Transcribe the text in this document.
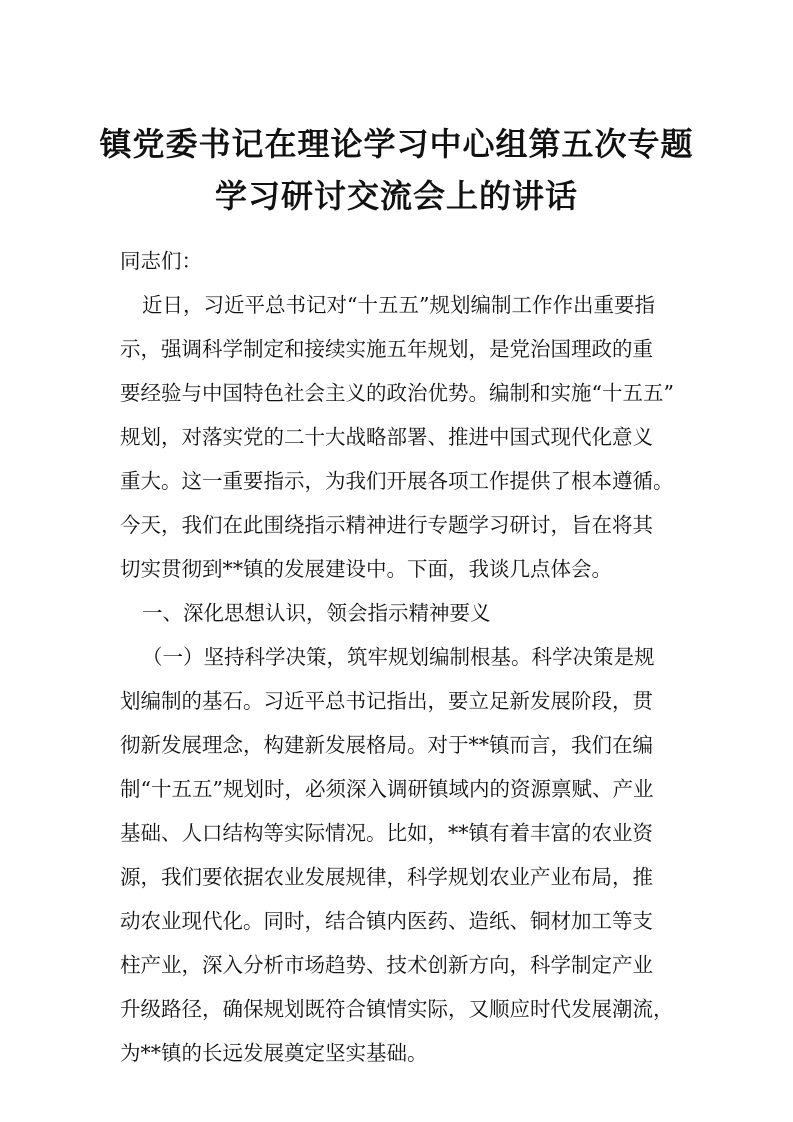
镇党委书记在理论学习中心组第五次专题
学习研讨交流会上的讲话

同志们：

近日，习近平总书记对“十五五”规划编制工作作出重要指

示，强调科学制定和接续实施五年规划，是党治国理政的重

要经验与中国特色社会主义的政治优势。编制和实施“十五五”

规划，对落实党的二十大战略部署、推进中国式现代化意义

重大。这一重要指示，为我们开展各项工作提供了根本遵循。

今天，我们在此围绕指示精神进行专题学习研讨，旨在将其

切实贯彻到**镇的发展建设中。下面，我谈几点体会。

一、深化思想认识，领会指示精神要义

（一）坚持科学决策，筑牢规划编制根基。科学决策是规

划编制的基石。习近平总书记指出，要立足新发展阶段，贯

彻新发展理念，构建新发展格局。对于**镇而言，我们在编

制“十五五”规划时，必须深入调研镇域内的资源禀赋、产业

基础、人口结构等实际情况。比如，**镇有着丰富的农业资

源，我们要依据农业发展规律，科学规划农业产业布局，推

动农业现代化。同时，结合镇内医药、造纸、铜材加工等支

柱产业，深入分析市场趋势、技术创新方向，科学制定产业

升级路径，确保规划既符合镇情实际，又顺应时代发展潮流，

为**镇的长远发展奠定坚实基础。
